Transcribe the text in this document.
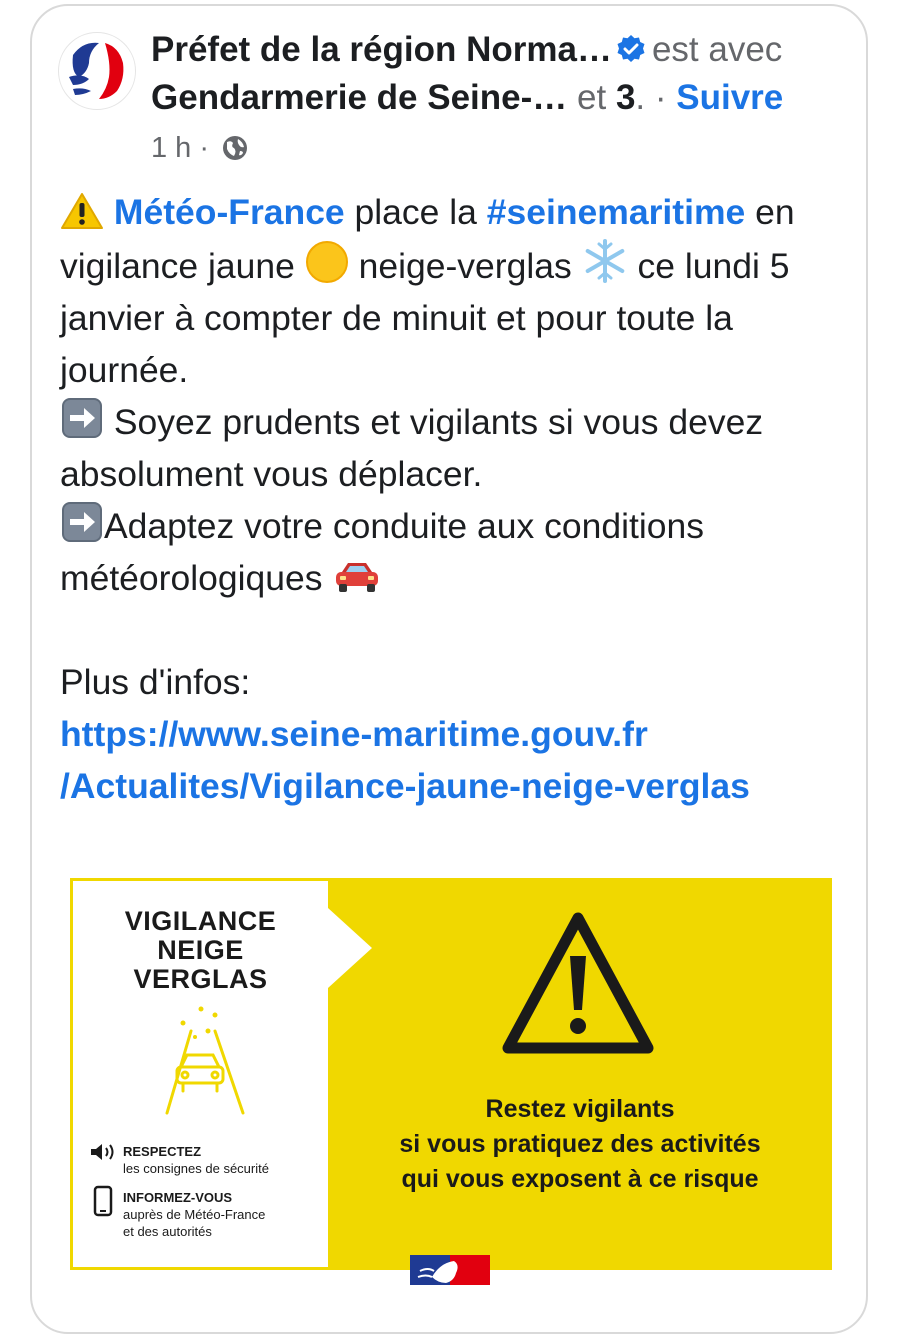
Préfet de la région Norma… est avec
Gendarmerie de Seine-… et 3. · Suivre
1 h ·

Météo-France place la #seinemaritime en vigilance jaune neige-verglas ce lundi 5 janvier à compter de minuit et pour toute la journée.

Soyez prudents et vigilants si vous devez absolument vous déplacer.

Adaptez votre conduite aux conditions météorologiques

Plus d'infos:

https://www.seine-maritime.gouv.fr
/Actualites/Vigilance-jaune-neige-verglas

VIGILANCE
NEIGE
VERGLAS
RESPECTEZ
les consignes de sécurité
INFORMEZ-VOUS
auprès de Météo-France
et des autorités
Restez vigilants
si vous pratiquez des activités
qui vous exposent à ce risque
